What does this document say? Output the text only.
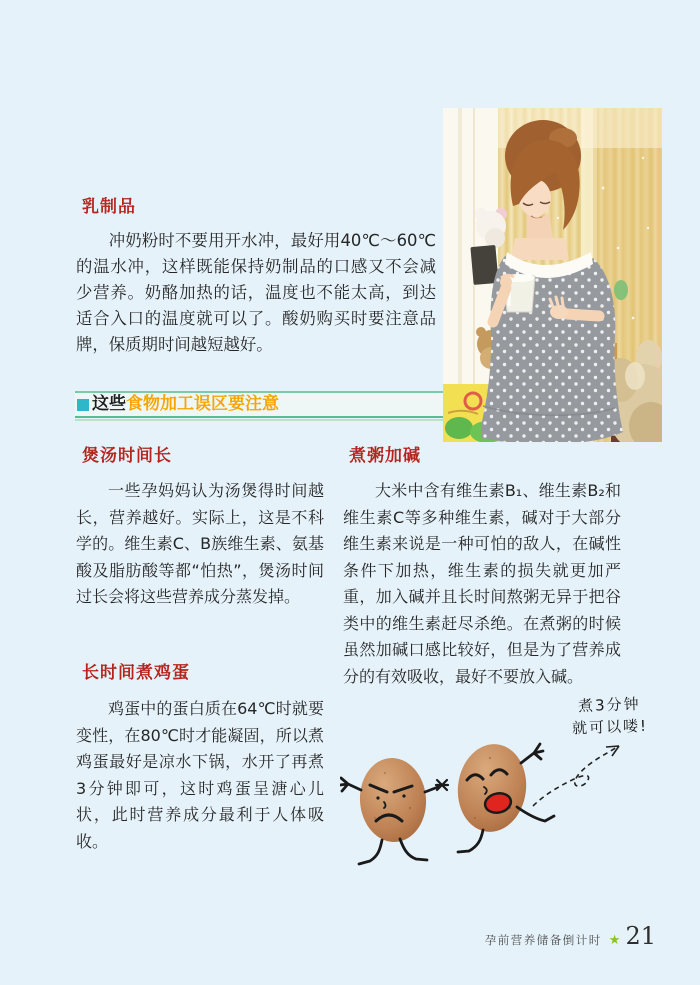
乳制品

冲奶粉时不要用开水冲，最好用40℃～60℃的温水冲，这样既能保持奶制品的口感又不会减少营养。奶酪加热的话，温度也不能太高，到达适合入口的温度就可以了。酸奶购买时要注意品牌，保质期时间越短越好。

这些 食物加工误区要注意
煲汤时间长

一些孕妈妈认为汤煲得时间越长，营养越好。实际上，这是不科学的。维生素C、B族维生素、氨基酸及脂肪酸等都“怕热”，煲汤时间过长会将这些营养成分蒸发掉。

长时间煮鸡蛋

鸡蛋中的蛋白质在64℃时就要变性，在80℃时才能凝固，所以煮鸡蛋最好是凉水下锅，水开了再煮3分钟即可，这时鸡蛋呈溏心儿状，此时营养成分最利于人体吸收。

煮粥加碱

大米中含有维生素B₁、维生素B₂和维生素C等多种维生素，碱对于大部分维生素来说是一种可怕的敌人，在碱性条件下加热，维生素的损失就更加严重，加入碱并且长时间熬粥无异于把谷类中的维生素赶尽杀绝。在煮粥的时候虽然加碱口感比较好，但是为了营养成分的有效吸收，最好不要放入碱。

煮3分钟
就可以喽!
孕前营养储备倒计时 ★ 21
